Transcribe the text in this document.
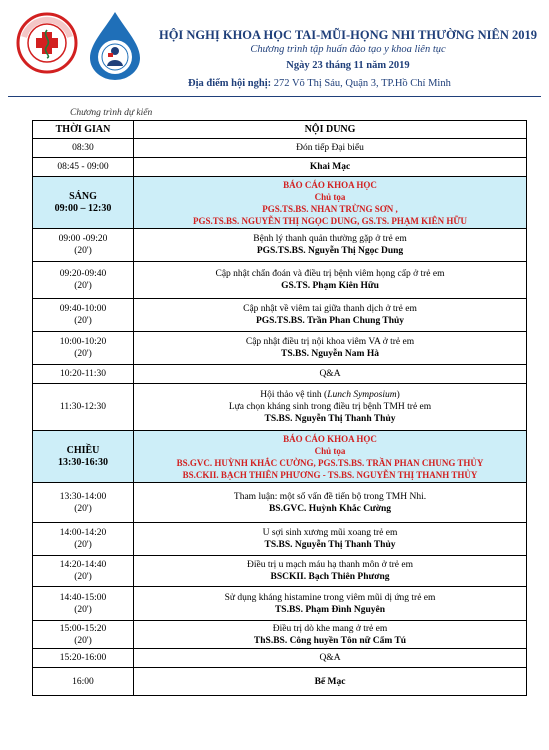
HỘI NGHỊ KHOA HỌC TAI-MŨI-HỌNG NHI THƯỜNG NIÊN 2019
Chương trình tập huấn đào tạo y khoa liên tục
Ngày 23 tháng 11 năm 2019
Địa điểm hội nghị: 272 Võ Thị Sáu, Quận 3, TP.Hồ Chí Minh
Chương trình dự kiến
THỜI GIAN	NỘI DUNG
08:30	Đón tiếp Đại biểu
08:45 - 09:00	Khai Mạc

SÁNG
09:00 – 12:30	BÁO CÁO KHOA HỌC
Chủ tọa
PGS.TS.BS. NHAN TRỪNG SƠN ,
PGS.TS.BS. NGUYỄN THỊ NGỌC DUNG, GS.TS. PHẠM KIÊN HỮU

09:00 -09:20
(20')	Bệnh lý thanh quản thường gặp ở trẻ em
PGS.TS.BS. Nguyễn Thị Ngọc Dung

09:20-09:40
(20')	Cập nhật chẩn đoán và điều trị bệnh viêm họng cấp ở trẻ em
GS.TS. Phạm Kiên Hữu

09:40-10:00
(20')	Cập nhật về viêm tai giữa thanh dịch ở trẻ em
PGS.TS.BS. Trần Phan Chung Thủy

10:00-10:20
(20')	Cập nhật điều trị nội khoa viêm VA ở trẻ em
TS.BS. Nguyễn Nam Hà

10:20-11:30	Q&A
11:30-12:30	Hội thảo vệ tinh (Lunch Symposium)
Lựa chọn kháng sinh trong điều trị bệnh TMH trẻ em
TS.BS. Nguyễn Thị Thanh Thủy

CHIỀU
13:30-16:30	BÁO CÁO KHOA HỌC
Chủ tọa
BS.GVC. HUỲNH KHẮC CƯỜNG, PGS.TS.BS. TRẦN PHAN CHUNG THỦY
BS.CKII. BẠCH THIÊN PHƯƠNG - TS.BS. NGUYỄN THỊ THANH THỦY

13:30-14:00
(20')	Tham luận: một số vấn đề tiến bộ trong TMH Nhi.
BS.GVC. Huỳnh Khắc Cường

14:00-14:20
(20')	U sợi sinh xương mũi xoang trẻ em
TS.BS. Nguyễn Thị Thanh Thủy

14:20-14:40
(20')	Điều trị u mạch máu hạ thanh môn ở trẻ em
BSCKII. Bạch Thiên Phương

14:40-15:00
(20')	Sử dụng kháng histamine trong viêm mũi dị ứng trẻ em
TS.BS. Phạm Đình Nguyên

15:00-15:20
(20')	Điều trị dò khe mang ở trẻ em
ThS.BS. Công huyền Tôn nữ Cẩm Tú

15:20-16:00	Q&A
16:00	Bế Mạc
